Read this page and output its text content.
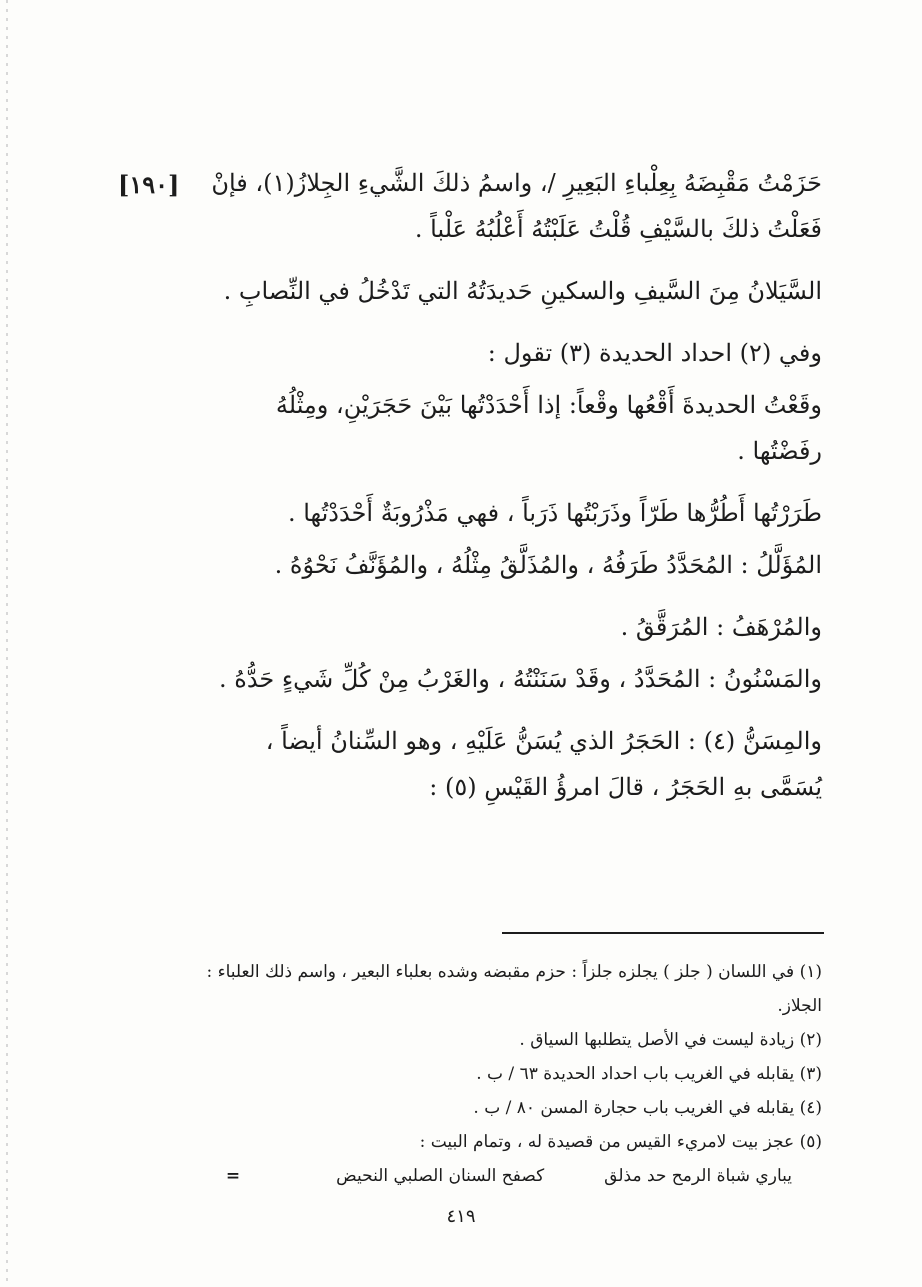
[١٩٠] حَزَمْتُ مَقْبِضَهُ بِعِلْباءِ البَعِيرِ /، واسمُ ذلكَ الشَّيءِ الجِلازُ(١)، فإنْ فَعَلْتُ ذلكَ بالسَّيْفِ قُلْتُ عَلَبْتُهُ أَعْلُبُهُ عَلْباً .

السَّيَلانُ مِنَ السَّيفِ والسكينِ حَديدَتُهُ التي تَدْخُلُ في النِّصابِ .

وفي (٢) احداد الحديدة (٣) تقول :

وقَعْتُ الحديدةَ أَقْعُها وقْعاً: إذا أَحْدَدْتُها بَيْنَ حَجَرَيْنِ، ومِثْلُهُ رفَضْتُها .

طَرَرْتُها أَطُرُّها طَرّاً وذَرَبْتُها ذَرَباً ، فهي مَذْرُوبَةٌ أَحْدَدْتُها .

المُؤَلَّلُ : المُحَدَّدُ طَرَفُهُ ، والمُذَلَّقُ مِثْلُهُ ، والمُؤَنَّفُ نَحْوُهُ .

والمُرْهَفُ : المُرَقَّقُ .

والمَسْنُونُ : المُحَدَّدُ ، وقَدْ سَنَنْتُهُ ، والغَرْبُ مِنْ كُلِّ شَيءٍ حَدُّهُ .

والمِسَنُّ (٤) : الحَجَرُ الذي يُسَنُّ عَلَيْهِ ، وهو السِّنانُ أيضاً ، يُسَمَّى بهِ الحَجَرُ ، قالَ امرؤُ القَيْسِ (٥) :

(١) في اللسان ( جلز ) يجلزه جلزاً : حزم مقبضه وشده بعلباء البعير ، واسم ذلك العلباء : الجلاز.

(٢) زيادة ليست في الأصل يتطلبها السياق .

(٣) يقابله في الغريب باب احداد الحديدة ٦٣ / ب .

(٤) يقابله في الغريب باب حجارة المسن ٨٠ / ب .

(٥) عجز بيت لامريء القيس من قصيدة له ، وتمام البيت :

يباري شباة الرمح حد مذلق
كصفح السنان الصلبي النحيض
=
٤١٩
